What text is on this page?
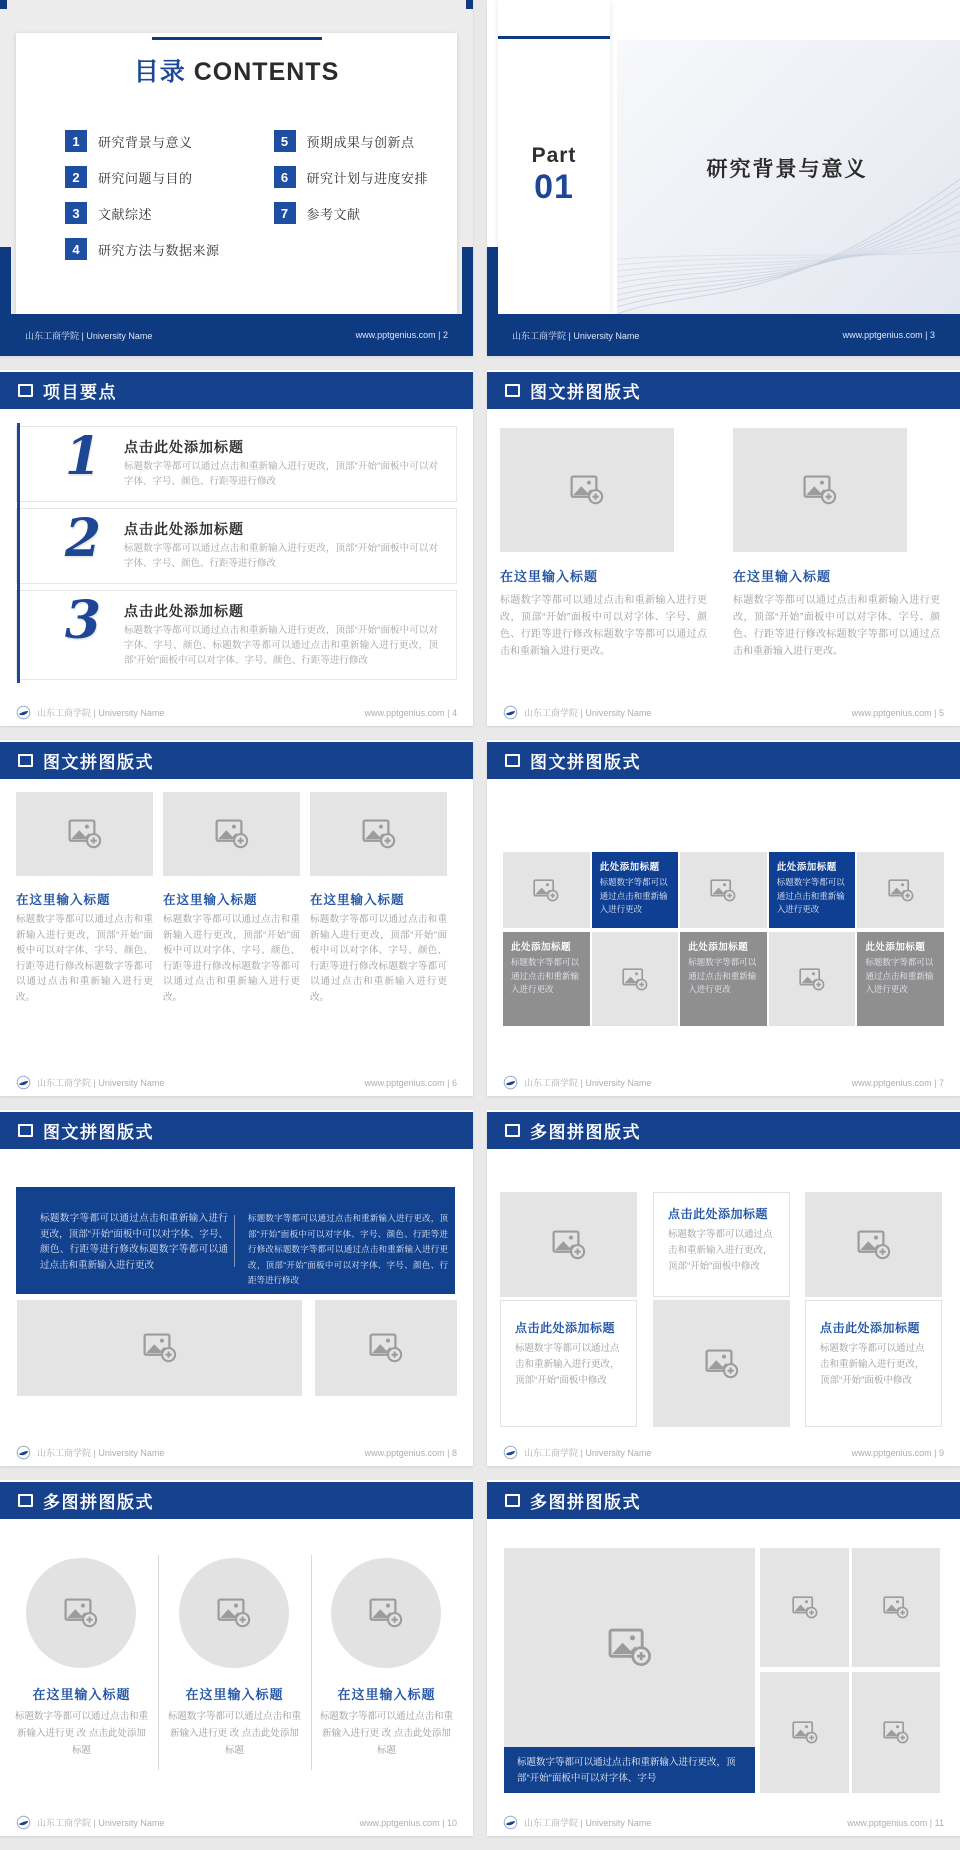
目录 CONTENTS
1	研究背景与意义
2	研究问题与目的
3	文献综述
4	研究方法与数据来源
5	预期成果与创新点
6	研究计划与进度安排
7	参考文献
山东工商学院 | University Name	www.pptgenius.com | 2
研究背景与意义
Part
01
山东工商学院 | University Name	www.pptgenius.com | 3
项目要点
1	点击此处添加标题
标题数字等都可以通过点击和重新输入进行更改，顶部“开始”面板中可以对字体、字号、颜色、行距等进行修改
2	点击此处添加标题
标题数字等都可以通过点击和重新输入进行更改，顶部“开始”面板中可以对字体、字号、颜色、行距等进行修改
3	点击此处添加标题
标题数字等都可以通过点击和重新输入进行更改，顶部“开始”面板中可以对字体、字号、颜色、标题数字等都可以通过点击和重新输入进行更改，顶部“开始”面板中可以对字体、字号、颜色、行距等进行修改
山东工商学院 | University Name	www.pptgenius.com | 4
图文拼图版式
在这里输入标题	在这里输入标题
标题数字等都可以通过点击和重新输入进行更改，顶部“开始”面板中可以对字体、字号、颜色、行距等进行修改标题数字等都可以通过点击和重新输入进行更改。
标题数字等都可以通过点击和重新输入进行更改，顶部“开始”面板中可以对字体、字号、颜色、行距等进行修改标题数字等都可以通过点击和重新输入进行更改。
山东工商学院 | University Name	www.pptgenius.com | 5
图文拼图版式
在这里输入标题	在这里输入标题	在这里输入标题
标题数字等都可以通过点击和重新输入进行更改，顶部“开始”面板中可以对字体、字号、颜色、行距等进行修改标题数字等都可以通过点击和重新输入进行更改。
标题数字等都可以通过点击和重新输入进行更改，顶部“开始”面板中可以对字体、字号、颜色、行距等进行修改标题数字等都可以通过点击和重新输入进行更改。
标题数字等都可以通过点击和重新输入进行更改，顶部“开始”面板中可以对字体、字号、颜色、行距等进行修改标题数字等都可以通过点击和重新输入进行更改。
山东工商学院 | University Name	www.pptgenius.com | 6
图文拼图版式
此处添加标题
标题数字等都可以通过点击和重新输入进行更改
此处添加标题
标题数字等都可以通过点击和重新输入进行更改
此处添加标题
标题数字等都可以通过点击和重新输入进行更改
此处添加标题
标题数字等都可以通过点击和重新输入进行更改
此处添加标题
标题数字等都可以通过点击和重新输入进行更改
山东工商学院 | University Name	www.pptgenius.com | 7
图文拼图版式
标题数字等都可以通过点击和重新输入进行更改，顶部“开始”面板中可以对字体、字号、颜色、行距等进行修改标题数字等都可以通过点击和重新输入进行更改
标题数字等都可以通过点击和重新输入进行更改，顶部“开始”面板中可以对字体、字号、颜色、行距等进行修改标题数字等都可以通过点击和重新输入进行更改，顶部“开始”面板中可以对字体、字号、颜色、行距等进行修改
山东工商学院 | University Name	www.pptgenius.com | 8
多图拼图版式
点击此处添加标题
标题数字等都可以通过点击和重新输入进行更改，顶部“开始”面板中修改
点击此处添加标题
标题数字等都可以通过点击和重新输入进行更改，顶部“开始”面板中修改
点击此处添加标题
标题数字等都可以通过点击和重新输入进行更改，顶部“开始”面板中修改
山东工商学院 | University Name	www.pptgenius.com | 9
多图拼图版式
在这里输入标题	在这里输入标题	在这里输入标题
标题数字等都可以通过点击和重新输入进行更 改 点击此处添加标题
标题数字等都可以通过点击和重新输入进行更 改 点击此处添加标题
标题数字等都可以通过点击和重新输入进行更 改 点击此处添加标题
山东工商学院 | University Name	www.pptgenius.com | 10
多图拼图版式
标题数字等都可以通过点击和重新输入进行更改，顶部“开始”面板中可以对字体、字号
山东工商学院 | University Name	www.pptgenius.com | 11
